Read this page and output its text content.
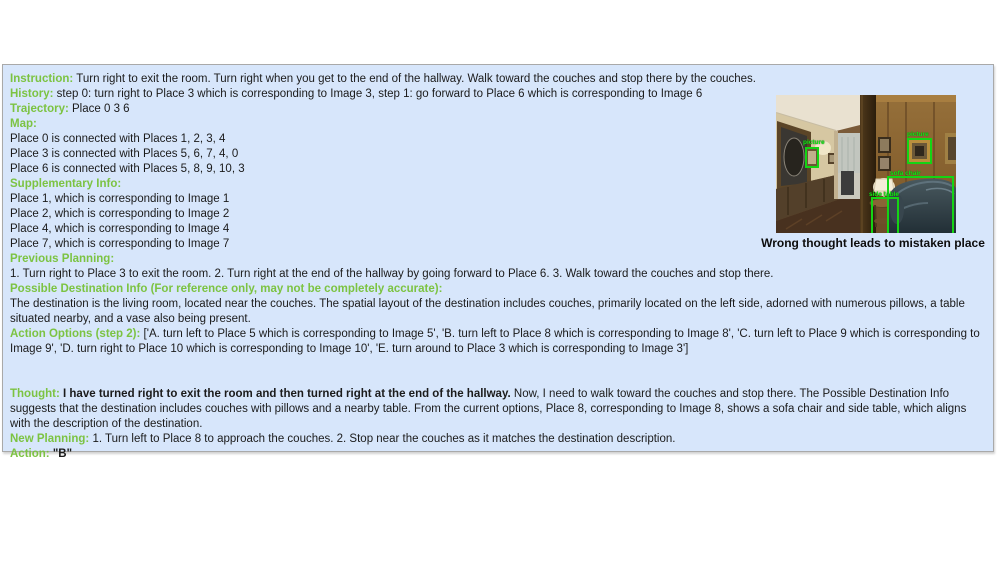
Instruction: Turn right to exit the room. Turn right when you get to the end of the hallway. Walk toward the couches and stop there by the couches.
History: step 0: turn right to Place 3 which is corresponding to Image 3, step 1: go forward to Place 6 which is corresponding to Image 6
Trajectory: Place 0 3 6
Map:
Place 0 is connected with Places 1, 2, 3, 4
Place 3 is connected with Places 5, 6, 7, 4, 0
Place 6 is connected with Places 5, 8, 9, 10, 3
Supplementary Info:
Place 1, which is corresponding to Image 1
Place 2, which is corresponding to Image 2
Place 4, which is corresponding to Image 4
Place 7, which is corresponding to Image 7
Previous Planning:
1. Turn right to Place 3 to exit the room. 2. Turn right at the end of the hallway by going forward to Place 6. 3. Walk toward the couches and stop there.
Possible Destination Info (For reference only, may not be completely accurate):
The destination is the living room, located near the couches. The spatial layout of the destination includes couches, primarily located on the left side, adorned with numerous pillows, a table situated nearby, and a vase also being present.
Action Options (step 2): ['A. turn left to Place 5 which is corresponding to Image 5', 'B. turn left to Place 8 which is corresponding to Image 8', 'C. turn left to Place 9 which is corresponding to Image 9', 'D. turn right to Place 10 which is corresponding to Image 10', 'E. turn around to Place 3 which is corresponding to Image 3']
Thought: I have turned right to exit the room and then turned right at the end of the hallway. Now, I need to walk toward the couches and stop there. The Possible Destination Info suggests that the destination includes couches with pillows and a nearby table. From the current options, Place 8, corresponding to Image 8, shows a sofa chair and side table, which aligns with the description of the destination.
New Planning: 1. Turn left to Place 8 to approach the couches. 2. Stop near the couches as it matches the destination description.
Action: "B"
picture
picture
sofa chair
side table
Wrong thought leads to mistaken place
